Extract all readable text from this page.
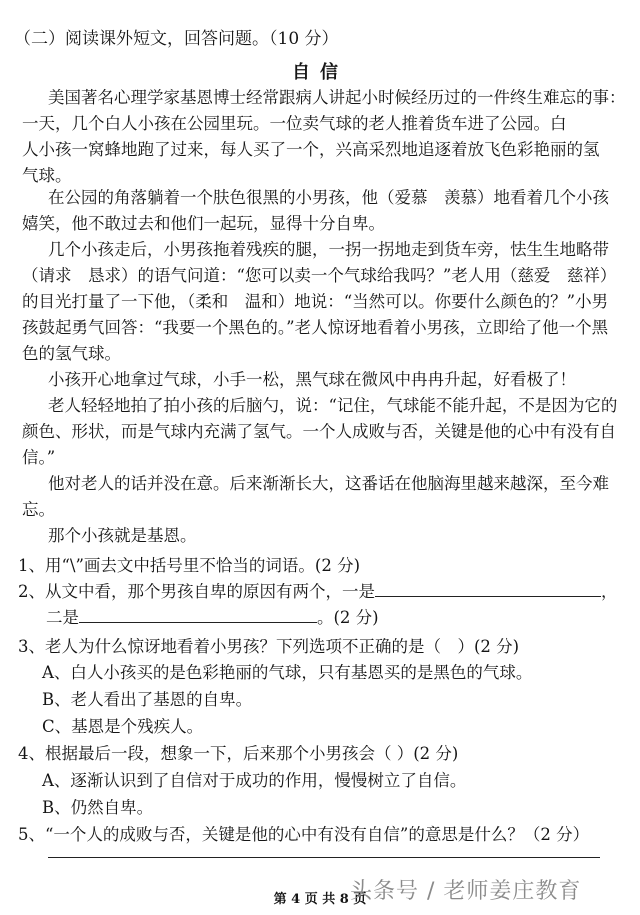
（二）阅读课外短文，回答问题。（10 分）
自信
美国著名心理学家基恩博士经常跟病人讲起小时候经历过的一件终生难忘的事：
一天，几个白人小孩在公园里玩。一位卖气球的老人推着货车进了公园。白
人小孩一窝蜂地跑了过来，每人买了一个，兴高采烈地追逐着放飞色彩艳丽的氢
气球。
在公园的角落躺着一个肤色很黑的小男孩，他（爱慕　羡慕）地看着几个小孩嬉笑，他不敢过去和他们一起玩，显得十分自卑。
几个小孩走后，小男孩拖着残疾的腿，一拐一拐地走到货车旁，怯生生地略带（请求　恳求）的语气问道：“您可以卖一个气球给我吗？”老人用（慈爱　慈祥）的目光打量了一下他，（柔和　温和）地说：“当然可以。你要什么颜色的？”小男孩鼓起勇气回答：“我要一个黑色的。”老人惊讶地看着小男孩，立即给了他一个黑色的氢气球。
小孩开心地拿过气球，小手一松，黑气球在微风中冉冉升起，好看极了！
老人轻轻地拍了拍小孩的后脑勺，说：“记住，气球能不能升起，不是因为它的颜色、形状，而是气球内充满了氢气。一个人成败与否，关键是他的心中有没有自信。”
他对老人的话并没在意。后来渐渐长大，这番话在他脑海里越来越深，至今难忘。
那个小孩就是基恩。
1、用“\”画去文中括号里不恰当的词语。(2 分)
2、从文中看，那个男孩自卑的原因有两个，一是	，
二是	。(2 分)
3、老人为什么惊讶地看着小男孩？下列选项不正确的是（　）(2 分)
A、白人小孩买的是色彩艳丽的气球，只有基恩买的是黑色的气球。
B、老人看出了基恩的自卑。
C、基恩是个残疾人。
4、根据最后一段，想象一下，后来那个小男孩会（ ）(2 分)
A、逐渐认识到了自信对于成功的作用，慢慢树立了自信。
B、仍然自卑。
5、“一个人的成败与否，关键是他的心中有没有自信”的意思是什么？（2 分）
第 4 页 共 8 页
头条号 / 老师姜庄教育
